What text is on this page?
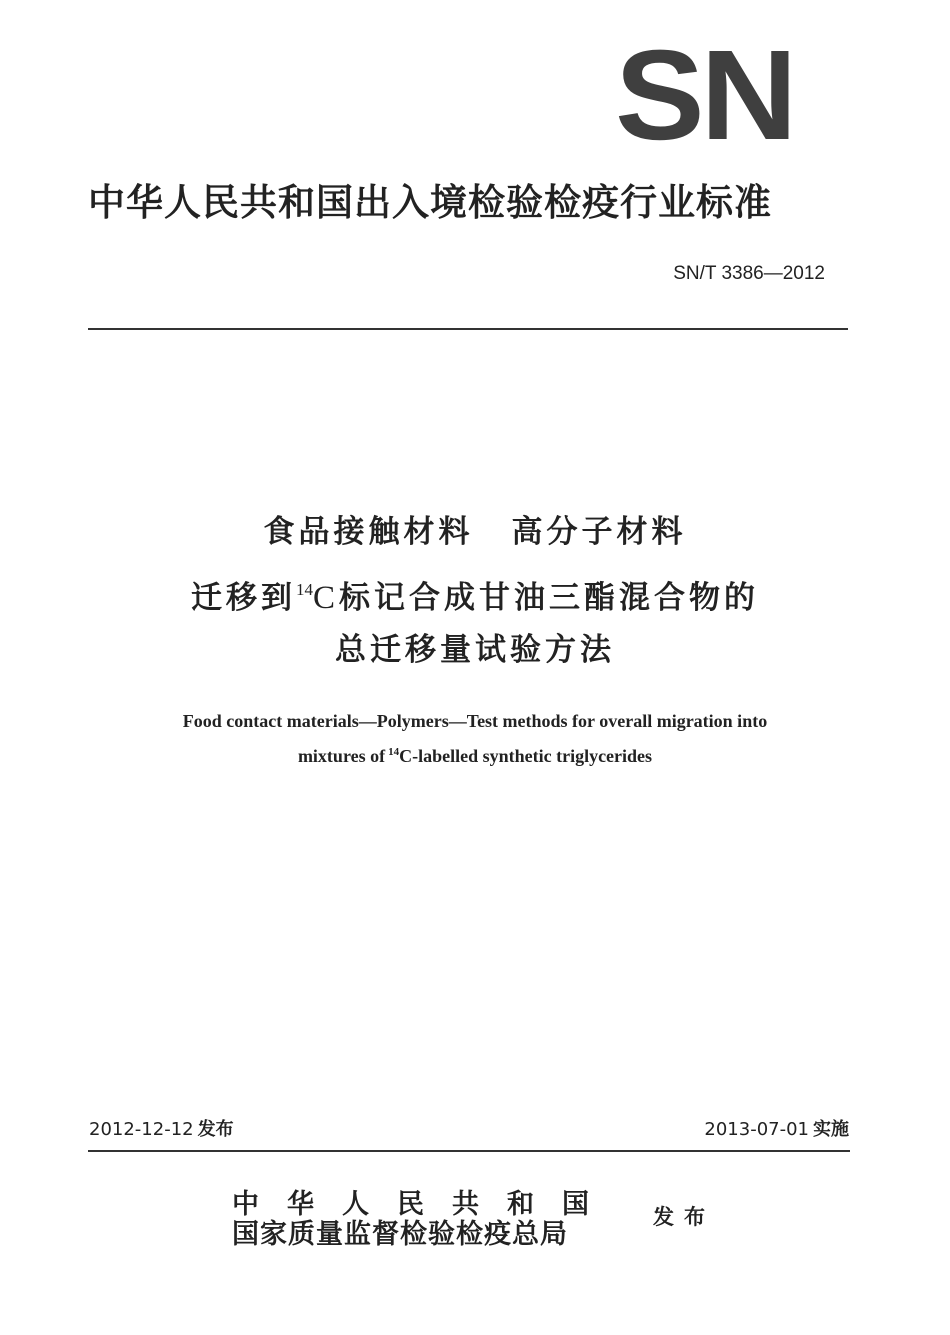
SN
中华人民共和国出入境检验检疫行业标准
SN/T 3386—2012
食品接触材料 高分子材料
迁移到$^{14}$C 标记合成甘油三酯混合物的
总迁移量试验方法
Food contact materials—Polymers—Test methods for overall migration into
mixtures of $^{14}$C-labelled synthetic triglycerides
2012-12-12 发布	2013-07-01 实施
中华人民共和国
国家质量监督检验检疫总局
发布
